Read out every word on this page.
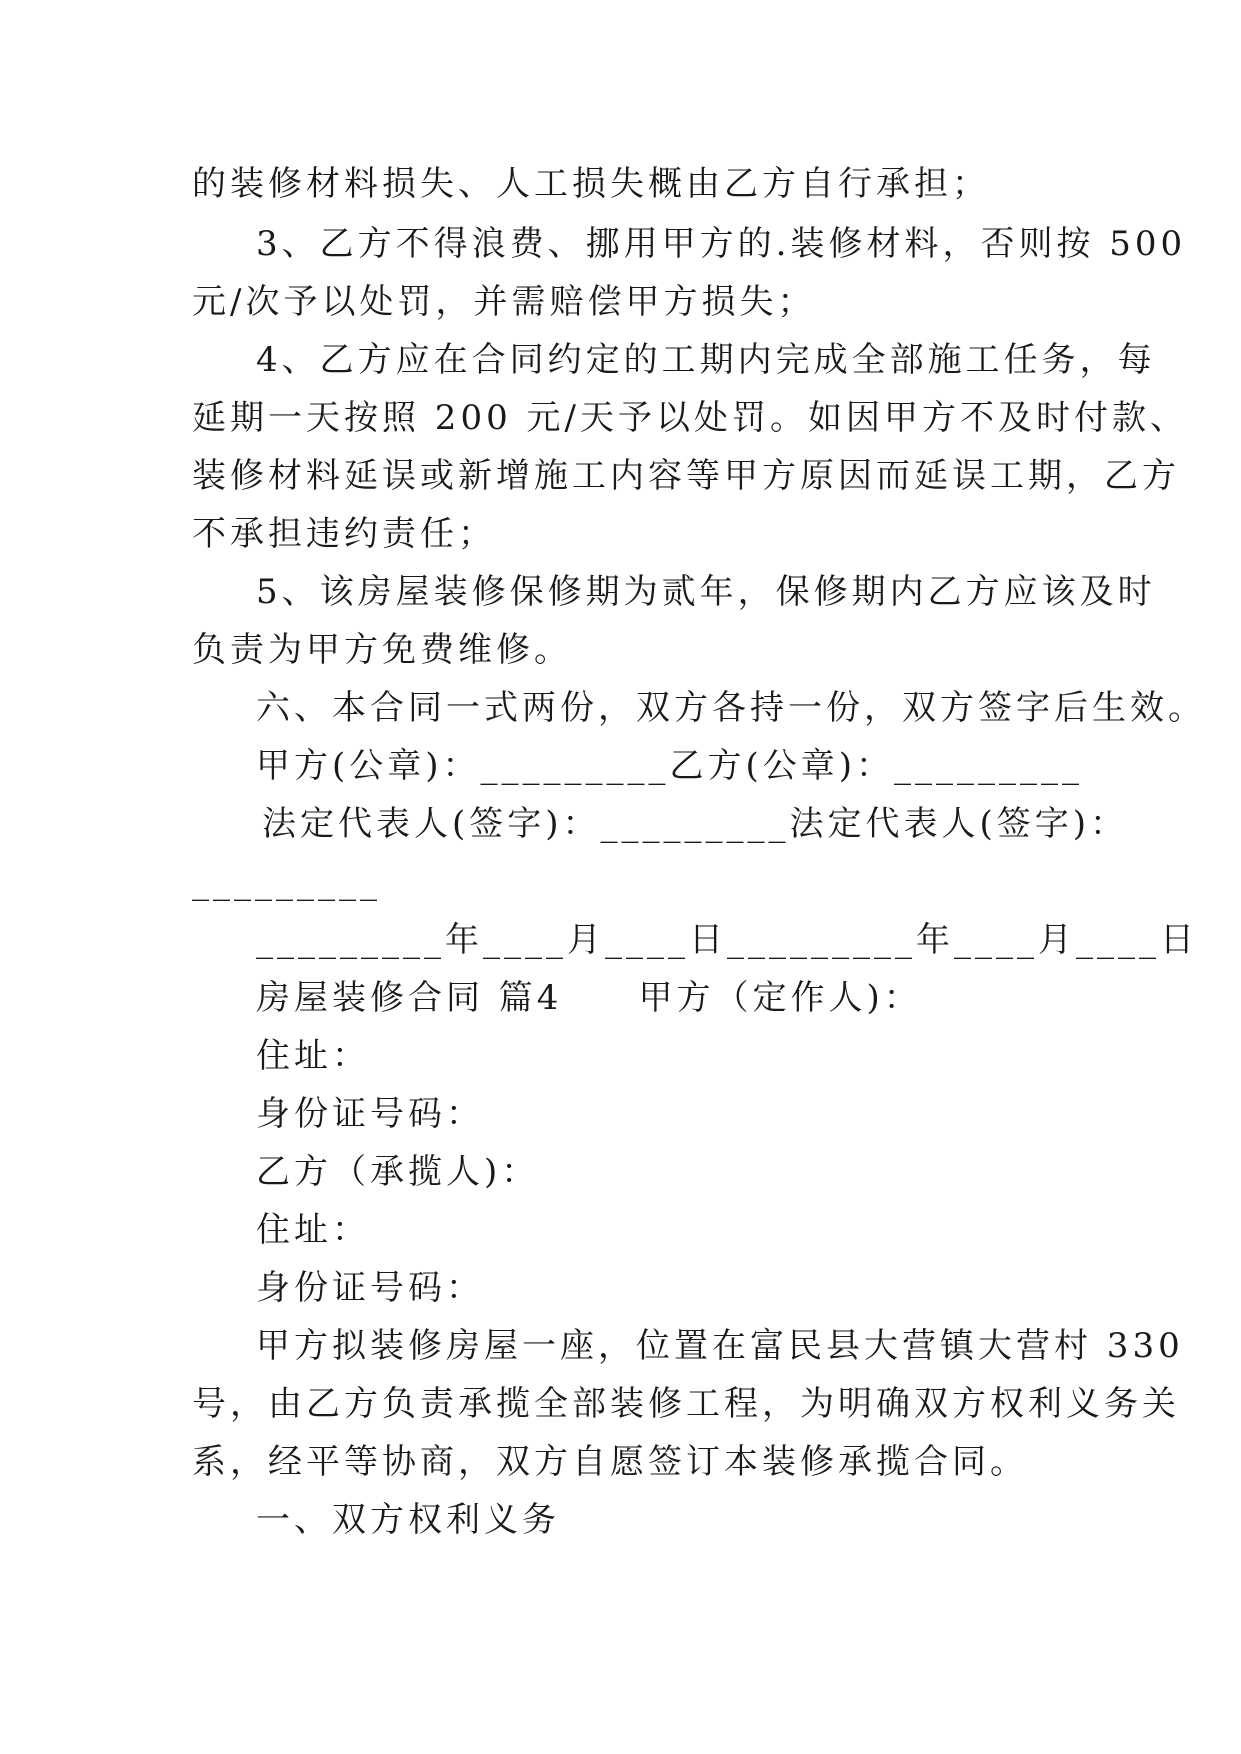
的装修材料损失、人工损失概由乙方自行承担；
3、乙方不得浪费、挪用甲方的.装修材料，否则按 500
元/次予以处罚，并需赔偿甲方损失；
4、乙方应在合同约定的工期内完成全部施工任务，每
延期一天按照 200 元/天予以处罚。如因甲方不及时付款、
装修材料延误或新增施工内容等甲方原因而延误工期，乙方
不承担违约责任；
5、该房屋装修保修期为贰年，保修期内乙方应该及时
负责为甲方免费维修。
六、本合同一式两份，双方各持一份，双方签字后生效。
甲方(公章)：_________乙方(公章)：_________
法定代表人(签字)：_________法定代表人(签字)：
_________
_________年____月____日_________年____月____日
房屋装修合同 篇4　　甲方（定作人)：
住址：
身份证号码：
乙方（承揽人)：
住址：
身份证号码：
甲方拟装修房屋一座，位置在富民县大营镇大营村 330
号，由乙方负责承揽全部装修工程，为明确双方权利义务关
系，经平等协商，双方自愿签订本装修承揽合同。
一、双方权利义务
